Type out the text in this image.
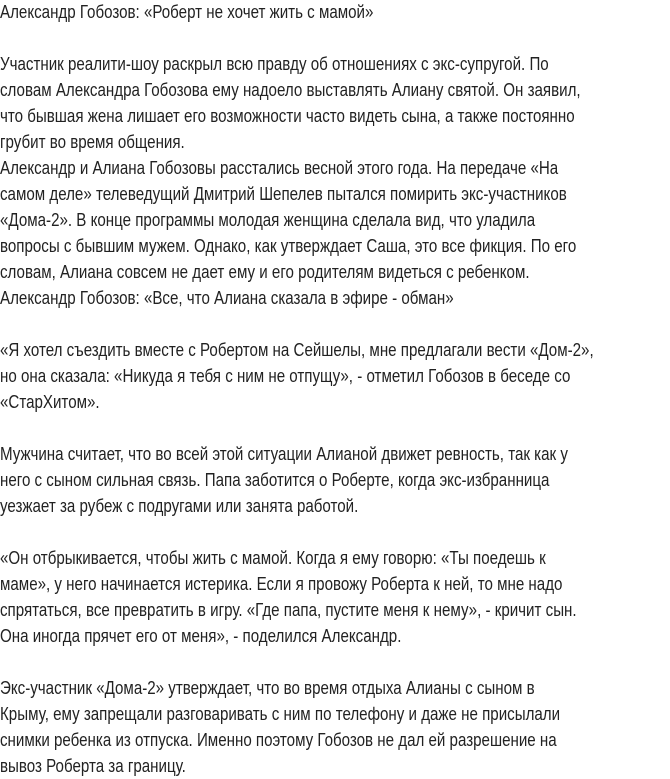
Александр Гобозов: «Роберт не хочет жить с мамой»
Участник реалити-шоу раскрыл всю правду об отношениях с экс-супругой. По
словам Александра Гобозова ему надоело выставлять Алиану святой. Он заявил,
что бывшая жена лишает его возможности часто видеть сына, а также постоянно
грубит во время общения.
Александр и Алиана Гобозовы расстались весной этого года. На передаче «На
самом деле» телеведущий Дмитрий Шепелев пытался помирить экс-участников
«Дома-2». В конце программы молодая женщина сделала вид, что уладила
вопросы с бывшим мужем. Однако, как утверждает Саша, это все фикция. По его
словам, Алиана совсем не дает ему и его родителям видеться с ребенком.
Александр Гобозов: «Все, что Алиана сказала в эфире - обман»
«Я хотел съездить вместе с Робертом на Сейшелы, мне предлагали вести «Дом-2»,
но она сказала: «Никуда я тебя с ним не отпущу», - отметил Гобозов в беседе со
«СтарХитом».
Мужчина считает, что во всей этой ситуации Алианой движет ревность, так как у
него с сыном сильная связь. Папа заботится о Роберте, когда экс-избранница
уезжает за рубеж с подругами или занята работой.
«Он отбрыкивается, чтобы жить с мамой. Когда я ему говорю: «Ты поедешь к
маме», у него начинается истерика. Если я провожу Роберта к ней, то мне надо
спрятаться, все превратить в игру. «Где папа, пустите меня к нему», - кричит сын.
Она иногда прячет его от меня», - поделился Александр.
Экс-участник «Дома-2» утверждает, что во время отдыха Алианы с сыном в
Крыму, ему запрещали разговаривать с ним по телефону и даже не присылали
снимки ребенка из отпуска. Именно поэтому Гобозов не дал ей разрешение на
вывоз Роберта за границу.
